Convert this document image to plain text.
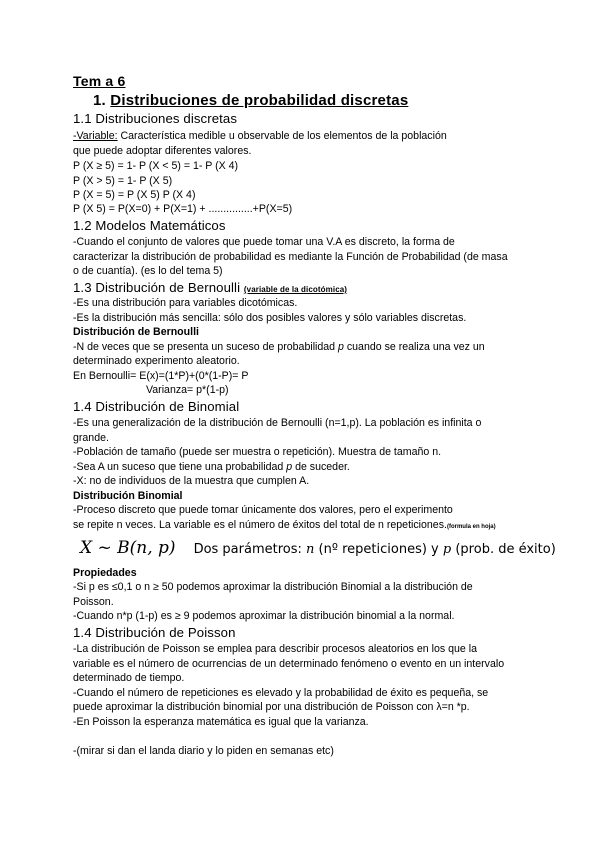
Tem a 6
1. Distribuciones de probabilidad discretas
1.1 Distribuciones discretas
-Variable: Característica medible u observable de los elementos de la población
que puede adoptar diferentes valores.
P (X ≥ 5) = 1- P (X < 5) = 1- P (X 4)
P (X > 5) = 1- P (X 5)
P (X = 5) = P (X 5) P (X 4)
P (X 5) = P(X=0) + P(X=1) + ...............+P(X=5)
1.2 Modelos Matemáticos
-Cuando el conjunto de valores que puede tomar una V.A es discreto, la forma de
caracterizar la distribución de probabilidad es mediante la Función de Probabilidad (de masa
o de cuantía). (es lo del tema 5)
1.3 Distribución de Bernoulli (variable de la dicotómica)
-Es una distribución para variables dicotómicas.
-Es la distribución más sencilla: sólo dos posibles valores y sólo variables discretas.
Distribución de Bernoulli
-N de veces que se presenta un suceso de probabilidad p cuando se realiza una vez un
determinado experimento aleatorio.
En Bernoulli= E(x)=(1*P)+(0*(1-P)= P
Varianza= p*(1-p)
1.4 Distribución de Binomial
-Es una generalización de la distribución de Bernoulli (n=1,p). La población es infinita o
grande.
-Población de tamaño (puede ser muestra o repetición). Muestra de tamaño n.
-Sea A un suceso que tiene una probabilidad p de suceder.
-X: no de individuos de la muestra que cumplen A.
Distribución Binomial
-Proceso discreto que puede tomar únicamente dos valores, pero el experimento
se repite n veces. La variable es el número de éxitos del total de n repeticiones.(formula en hoja)
X ~ B(n, p) Dos parámetros: n (nº repeticiones) y p (prob. de éxito)
Propiedades
-Si p es ≤0,1 o n ≥ 50 podemos aproximar la distribución Binomial a la distribución de
Poisson.
-Cuando n*p (1-p) es ≥ 9 podemos aproximar la distribución binomial a la normal.
1.4 Distribución de Poisson
-La distribución de Poisson se emplea para describir procesos aleatorios en los que la
variable es el número de ocurrencias de un determinado fenómeno o evento en un intervalo
determinado de tiempo.
-Cuando el número de repeticiones es elevado y la probabilidad de éxito es pequeña, se
puede aproximar la distribución binomial por una distribución de Poisson con λ=n *p.
-En Poisson la esperanza matemática es igual que la varianza.
-(mirar si dan el landa diario y lo piden en semanas etc)
